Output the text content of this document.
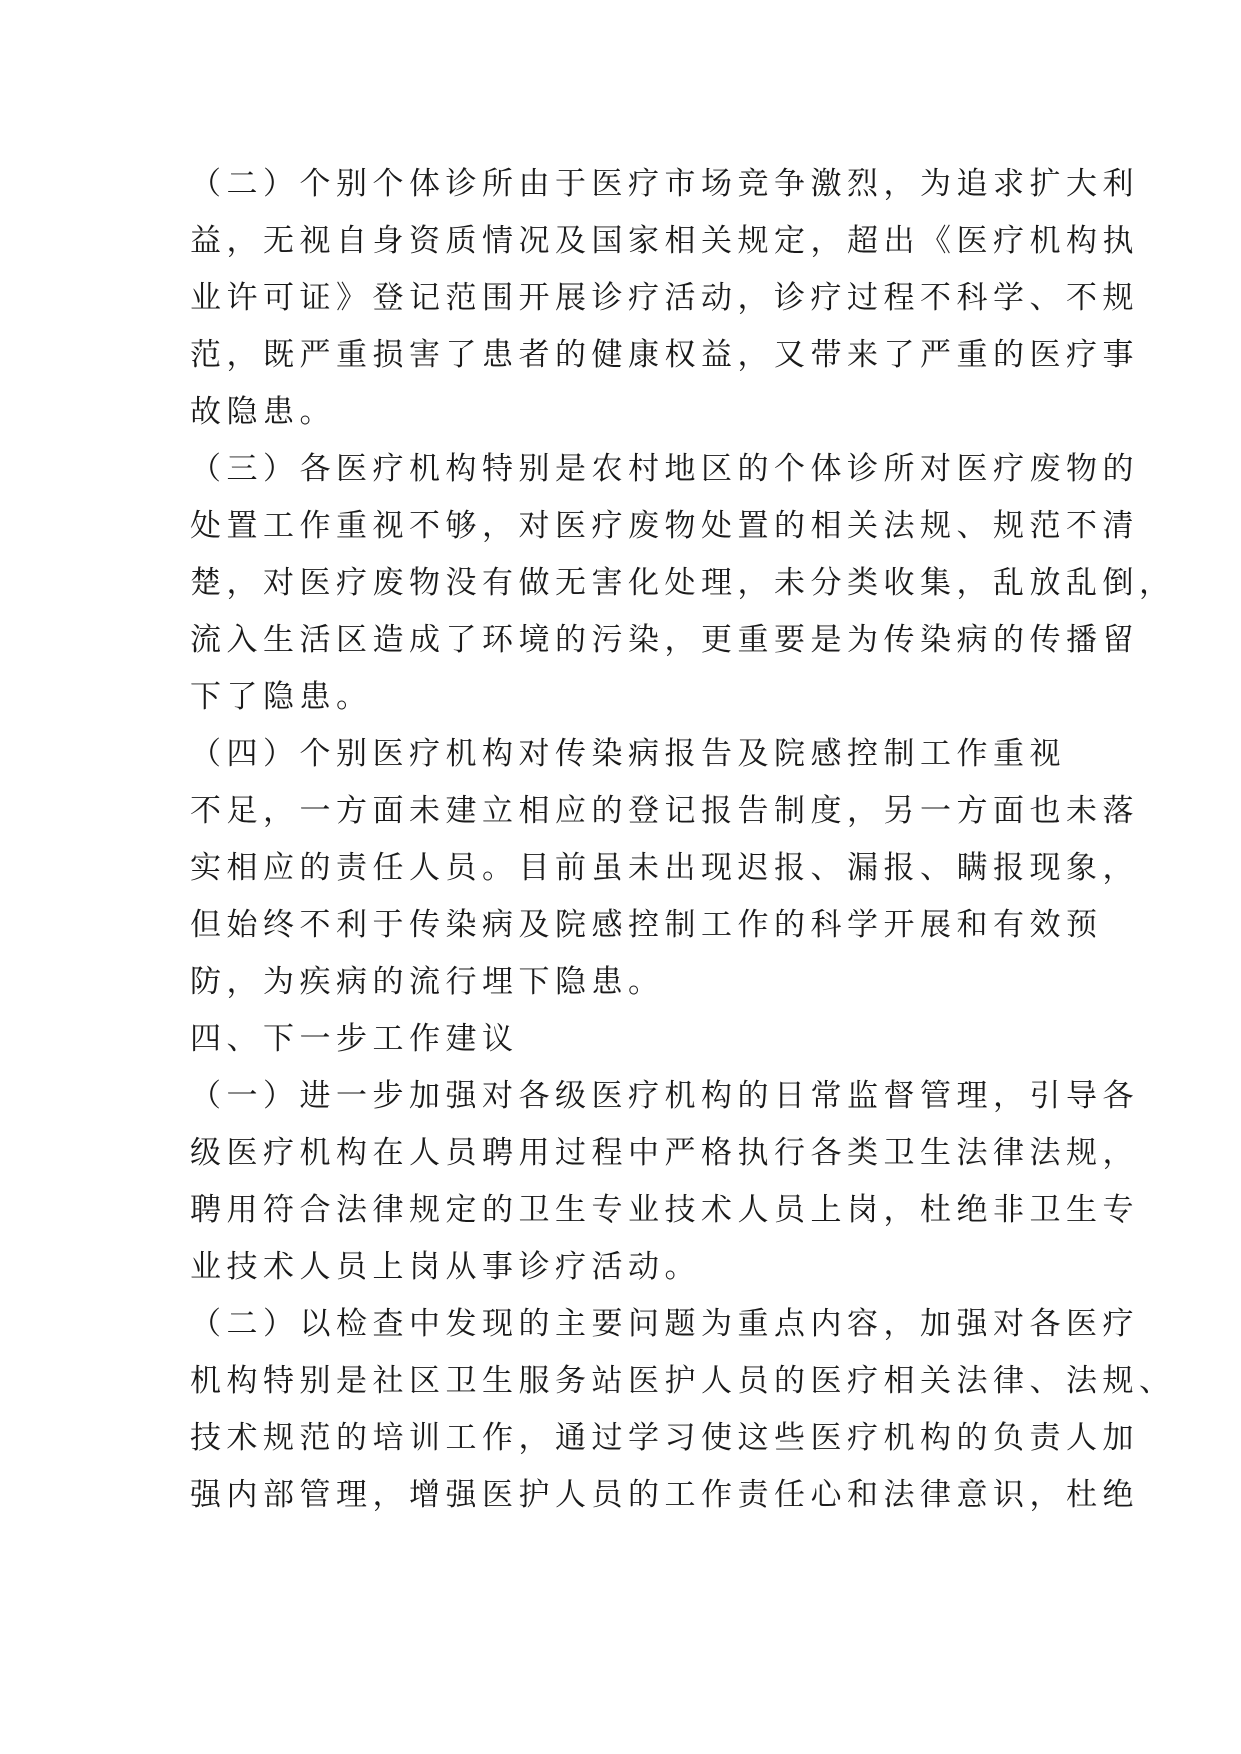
（二）个别个体诊所由于医疗市场竞争激烈，为追求扩大利
益，无视自身资质情况及国家相关规定，超出《医疗机构执
业许可证》登记范围开展诊疗活动，诊疗过程不科学、不规
范，既严重损害了患者的健康权益，又带来了严重的医疗事
故隐患。
（三）各医疗机构特别是农村地区的个体诊所对医疗废物的
处置工作重视不够，对医疗废物处置的相关法规、规范不清
楚，对医疗废物没有做无害化处理，未分类收集，乱放乱倒，
流入生活区造成了环境的污染，更重要是为传染病的传播留
下了隐患。
（四）个别医疗机构对传染病报告及院感控制工作重视
不足，一方面未建立相应的登记报告制度，另一方面也未落
实相应的责任人员。目前虽未出现迟报、漏报、瞒报现象，
但始终不利于传染病及院感控制工作的科学开展和有效预
防，为疾病的流行埋下隐患。
四、下一步工作建议
（一）进一步加强对各级医疗机构的日常监督管理，引导各
级医疗机构在人员聘用过程中严格执行各类卫生法律法规，
聘用符合法律规定的卫生专业技术人员上岗，杜绝非卫生专
业技术人员上岗从事诊疗活动。
（二）以检查中发现的主要问题为重点内容，加强对各医疗
机构特别是社区卫生服务站医护人员的医疗相关法律、法规、
技术规范的培训工作，通过学习使这些医疗机构的负责人加
强内部管理，增强医护人员的工作责任心和法律意识，杜绝
